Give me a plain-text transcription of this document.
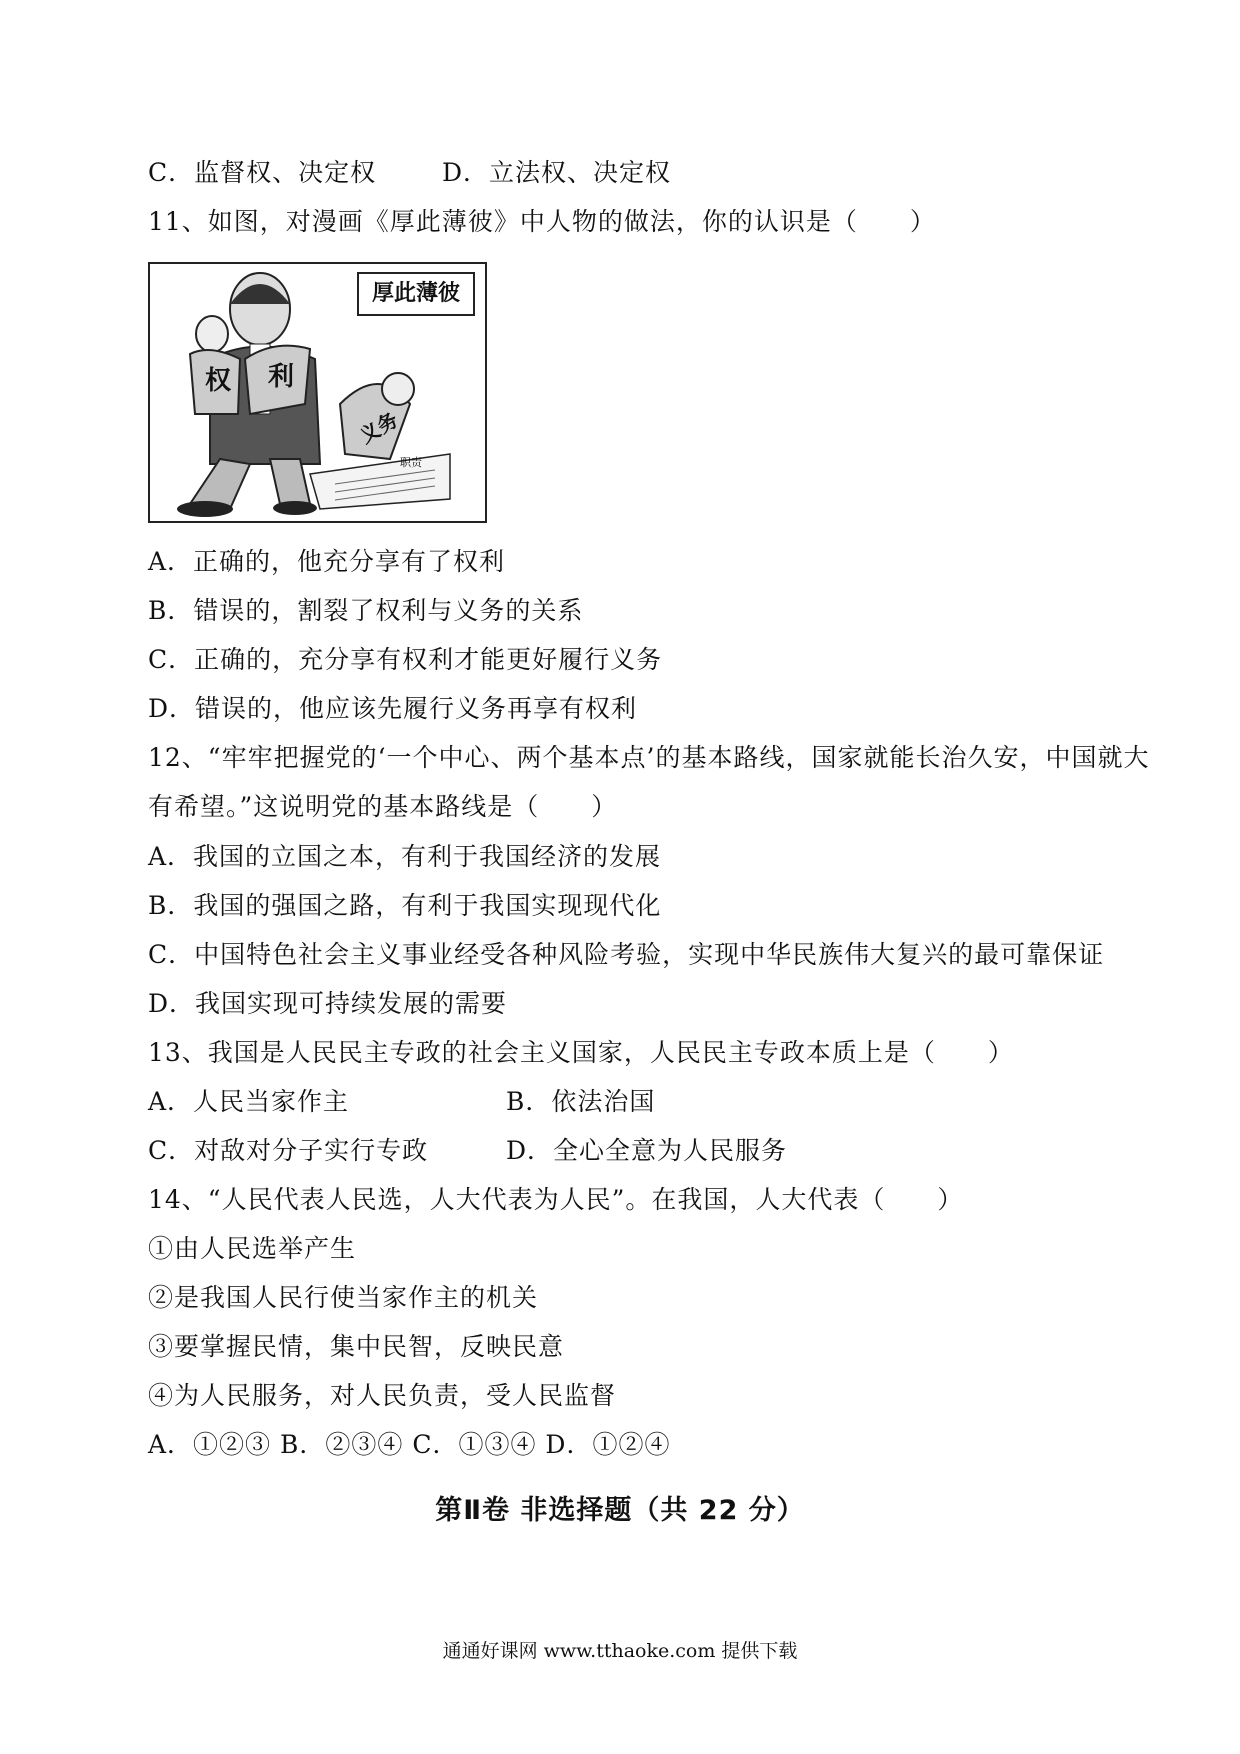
C．监督权、决定权	D．立法权、决定权
11、如图，对漫画《厚此薄彼》中人物的做法，你的认识是（　　）
厚此薄彼
权 利
义务
职责
A．正确的，他充分享有了权利
B．错误的，割裂了权利与义务的关系
C．正确的，充分享有权利才能更好履行义务
D．错误的，他应该先履行义务再享有权利
12、“牢牢把握党的‘一个中心、两个基本点’的基本路线，国家就能长治久安，中国就大
有希望。”这说明党的基本路线是（　　）
A．我国的立国之本，有利于我国经济的发展
B．我国的强国之路，有利于我国实现现代化
C．中国特色社会主义事业经受各种风险考验，实现中华民族伟大复兴的最可靠保证
D．我国实现可持续发展的需要
13、我国是人民民主专政的社会主义国家，人民民主专政本质上是（　　）
A．人民当家作主	B．依法治国
C．对敌对分子实行专政	D．全心全意为人民服务
14、“人民代表人民选，人大代表为人民”。在我国，人大代表（　　）
①由人民选举产生
②是我国人民行使当家作主的机关
③要掌握民情，集中民智，反映民意
④为人民服务，对人民负责，受人民监督
A．①②③ B．②③④ C．①③④ D．①②④
第Ⅱ卷 非选择题（共 22 分）
通通好课网 www.tthaoke.com 提供下载
